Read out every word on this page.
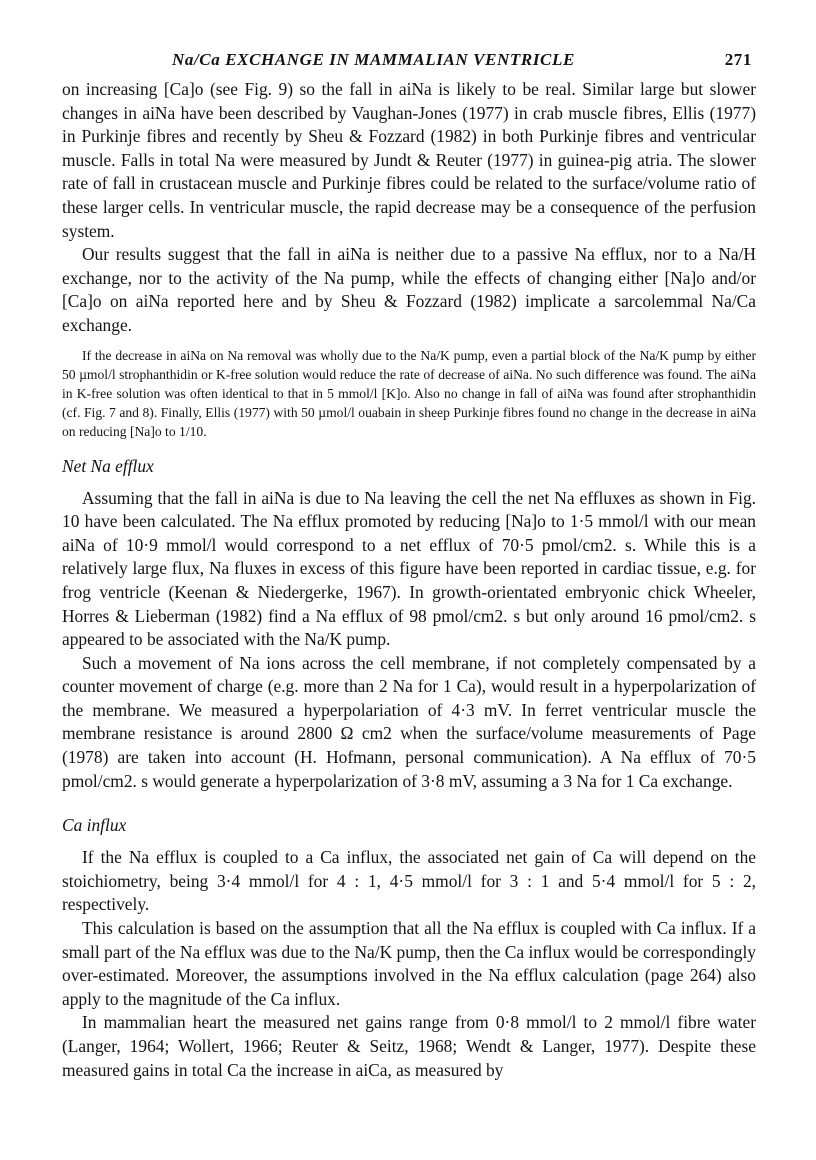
Na/Ca EXCHANGE IN MAMMALIAN VENTRICLE	271

on increasing [Ca]o (see Fig. 9) so the fall in aiNa is likely to be real. Similar large but slower changes in aiNa have been described by Vaughan-Jones (1977) in crab muscle fibres, Ellis (1977) in Purkinje fibres and recently by Sheu & Fozzard (1982) in both Purkinje fibres and ventricular muscle. Falls in total Na were measured by Jundt & Reuter (1977) in guinea-pig atria. The slower rate of fall in crustacean muscle and Purkinje fibres could be related to the surface/volume ratio of these larger cells. In ventricular muscle, the rapid decrease may be a consequence of the perfusion system.

Our results suggest that the fall in aiNa is neither due to a passive Na efflux, nor to a Na/H exchange, nor to the activity of the Na pump, while the effects of changing either [Na]o and/or [Ca]o on aiNa reported here and by Sheu & Fozzard (1982) implicate a sarcolemmal Na/Ca exchange.

If the decrease in aiNa on Na removal was wholly due to the Na/K pump, even a partial block of the Na/K pump by either 50 µmol/l strophanthidin or K-free solution would reduce the rate of decrease of aiNa. No such difference was found. The aiNa in K-free solution was often identical to that in 5 mmol/l [K]o. Also no change in fall of aiNa was found after strophanthidin (cf. Fig. 7 and 8). Finally, Ellis (1977) with 50 µmol/l ouabain in sheep Purkinje fibres found no change in the decrease in aiNa on reducing [Na]o to 1/10.

Net Na efflux

Assuming that the fall in aiNa is due to Na leaving the cell the net Na effluxes as shown in Fig. 10 have been calculated. The Na efflux promoted by reducing [Na]o to 1·5 mmol/l with our mean aiNa of 10·9 mmol/l would correspond to a net efflux of 70·5 pmol/cm2. s. While this is a relatively large flux, Na fluxes in excess of this figure have been reported in cardiac tissue, e.g. for frog ventricle (Keenan & Niedergerke, 1967). In growth-orientated embryonic chick Wheeler, Horres & Lieberman (1982) find a Na efflux of 98 pmol/cm2. s but only around 16 pmol/cm2. s appeared to be associated with the Na/K pump.

Such a movement of Na ions across the cell membrane, if not completely compensated by a counter movement of charge (e.g. more than 2 Na for 1 Ca), would result in a hyperpolarization of the membrane. We measured a hyperpolariation of 4·3 mV. In ferret ventricular muscle the membrane resistance is around 2800 Ω cm2 when the surface/volume measurements of Page (1978) are taken into account (H. Hofmann, personal communication). A Na efflux of 70·5 pmol/cm2. s would generate a hyperpolarization of 3·8 mV, assuming a 3 Na for 1 Ca exchange.

Ca influx

If the Na efflux is coupled to a Ca influx, the associated net gain of Ca will depend on the stoichiometry, being 3·4 mmol/l for 4 : 1, 4·5 mmol/l for 3 : 1 and 5·4 mmol/l for 5 : 2, respectively.

This calculation is based on the assumption that all the Na efflux is coupled with Ca influx. If a small part of the Na efflux was due to the Na/K pump, then the Ca influx would be correspondingly over-estimated. Moreover, the assumptions involved in the Na efflux calculation (page 264) also apply to the magnitude of the Ca influx.

In mammalian heart the measured net gains range from 0·8 mmol/l to 2 mmol/l fibre water (Langer, 1964; Wollert, 1966; Reuter & Seitz, 1968; Wendt & Langer, 1977). Despite these measured gains in total Ca the increase in aiCa, as measured by
